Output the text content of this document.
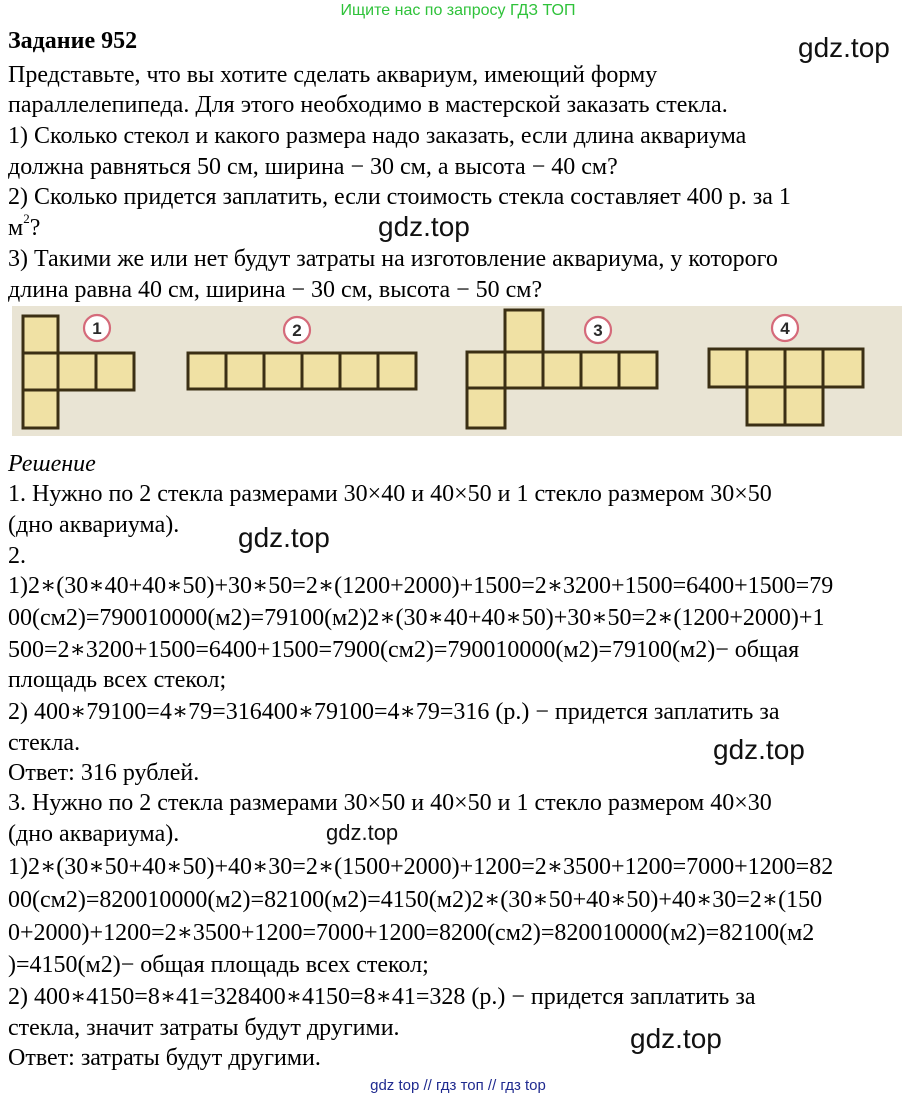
Ищите нас по запросу ГДЗ ТОП
Задание 952	gdz.top
Представьте, что вы хотите сделать аквариум, имеющий форму
параллелепипеда. Для этого необходимо в мастерской заказать стекла.
1) Сколько стекол и какого размера надо заказать, если длина аквариума
должна равняться 50 см, ширина − 30 см, а высота − 40 см?
2) Сколько придется заплатить, если стоимость стекла составляет 400 р. за 1
$м^2$?	gdz.top
3) Такими же или нет будут затраты на изготовление аквариума, у которого
длина равна 40 см, ширина − 30 см, высота − 50 см?
1	2	3	4
Решение
1. Нужно по 2 стекла размерами 30×40 и 40×50 и 1 стекло размером 30×50
(дно аквариума). gdz.top
2.
1)2∗(30∗40+40∗50)+30∗50=2∗(1200+2000)+1500=2∗3200+1500=6400+1500=79
00(см2)=790010000(м2)=79100(м2)2∗(30∗40+40∗50)+30∗50=2∗(1200+2000)+1
500=2∗3200+1500=6400+1500=7900(см2)=790010000(м2)=79100(м2)− общая
площадь всех стекол;
2) 400∗79100=4∗79=316400∗79100=4∗79=316 (р.) − придется заплатить за
стекла.	gdz.top
Ответ: 316 рублей.
3. Нужно по 2 стекла размерами 30×50 и 40×50 и 1 стекло размером 40×30
(дно аквариума).	gdz.top
1)2∗(30∗50+40∗50)+40∗30=2∗(1500+2000)+1200=2∗3500+1200=7000+1200=82
00(см2)=820010000(м2)=82100(м2)=4150(м2)2∗(30∗50+40∗50)+40∗30=2∗(150
0+2000)+1200=2∗3500+1200=7000+1200=8200(см2)=820010000(м2)=82100(м2
)=4150(м2)− общая площадь всех стекол;
2) 400∗4150=8∗41=328400∗4150=8∗41=328 (р.) − придется заплатить за
стекла, значит затраты будут другими.	gdz.top
Ответ: затраты будут другими.
gdz top // гдз топ // гдз top
